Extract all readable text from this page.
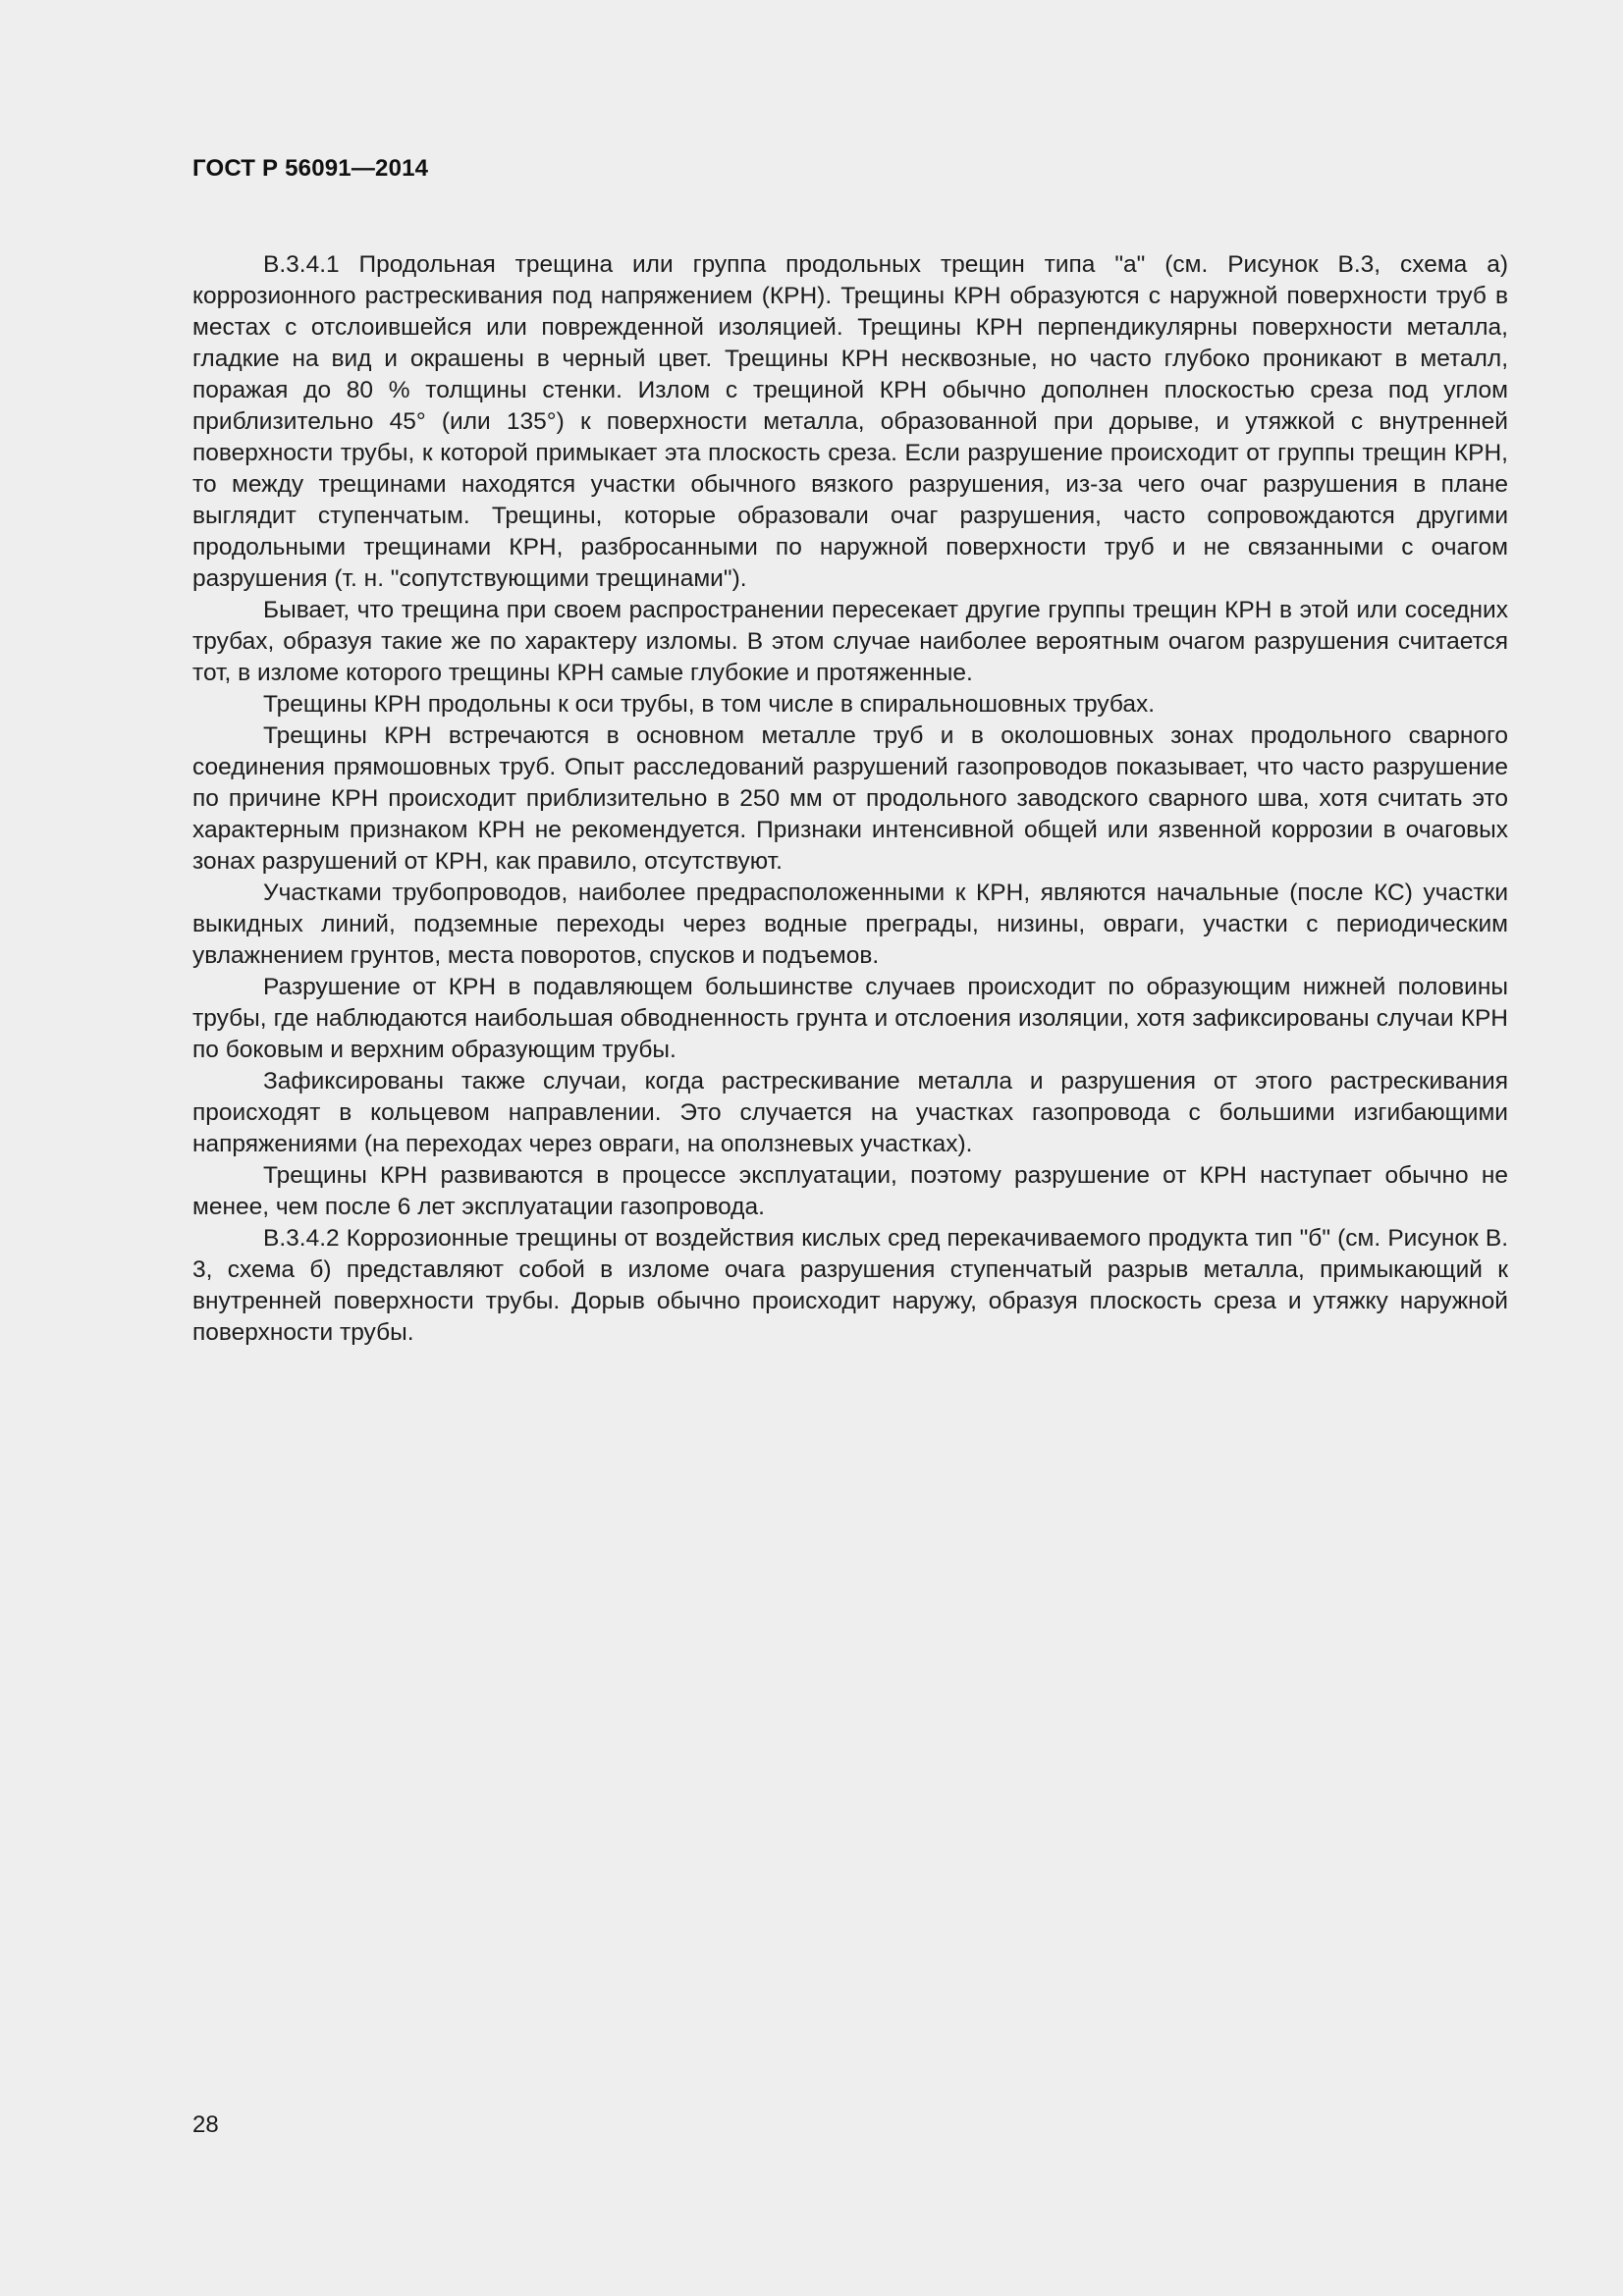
ГОСТ Р 56091—2014

В.3.4.1 Продольная трещина или группа продольных трещин типа "а" (см. Рисунок В.3, схема а) коррозионного растрескивания под напряжением (КРН). Трещины КРН образуются с наружной поверхности труб в местах с отслоившейся или поврежденной изоляцией. Трещины КРН перпендикулярны поверхности металла, гладкие на вид и окрашены в черный цвет. Трещины КРН несквозные, но часто глубоко проникают в металл, поражая до 80 % толщины стенки. Излом с трещиной КРН обычно дополнен плоскостью среза под углом приблизительно 45° (или 135°) к поверхности металла, образованной при дорыве, и утяжкой с внутренней поверхности трубы, к которой примыкает эта плоскость среза. Если разрушение происходит от группы трещин КРН, то между трещинами находятся участки обычного вязкого разрушения, из-за чего очаг разрушения в плане выглядит ступенчатым. Трещины, которые образовали очаг разрушения, часто сопровождаются другими продольными трещинами КРН, разбросанными по наружной поверхности труб и не связанными с очагом разрушения (т. н. "сопутствующими трещинами").

Бывает, что трещина при своем распространении пересекает другие группы трещин КРН в этой или соседних трубах, образуя такие же по характеру изломы. В этом случае наиболее вероятным очагом разрушения считается тот, в изломе которого трещины КРН самые глубокие и протяженные.

Трещины КРН продольны к оси трубы, в том числе в спиральношовных трубах.

Трещины КРН встречаются в основном металле труб и в околошовных зонах продольного сварного соединения прямошовных труб. Опыт расследований разрушений газопроводов показывает, что часто разрушение по причине КРН происходит приблизительно в 250 мм от продольного заводского сварного шва, хотя считать это характерным признаком КРН не рекомендуется. Признаки интенсивной общей или язвенной коррозии в очаговых зонах разрушений от КРН, как правило, отсутствуют.

Участками трубопроводов, наиболее предрасположенными к КРН, являются начальные (после КС) участки выкидных линий, подземные переходы через водные преграды, низины, овраги, участки с периодическим увлажнением грунтов, места поворотов, спусков и подъемов.

Разрушение от КРН в подавляющем большинстве случаев происходит по образующим нижней половины трубы, где наблюдаются наибольшая обводненность грунта и отслоения изоляции, хотя зафиксированы случаи КРН по боковым и верхним образующим трубы.

Зафиксированы также случаи, когда растрескивание металла и разрушения от этого растрескивания происходят в кольцевом направлении. Это случается на участках газопровода с большими изгибающими напряжениями (на переходах через овраги, на оползневых участках).

Трещины КРН развиваются в процессе эксплуатации, поэтому разрушение от КРН наступает обычно не менее, чем после 6 лет эксплуатации газопровода.

В.3.4.2 Коррозионные трещины от воздействия кислых сред перекачиваемого продукта тип "б" (см. Рисунок В. 3, схема б) представляют собой в изломе очага разрушения ступенчатый разрыв металла, примыкающий к внутренней поверхности трубы. Дорыв обычно происходит наружу, образуя плоскость среза и утяжку наружной поверхности трубы.

28
